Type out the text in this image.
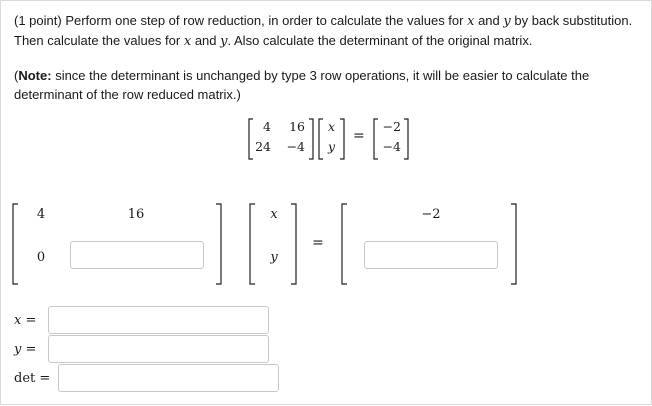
(1 point) Perform one step of row reduction, in order to calculate the values for x and y by back substitution. Then calculate the values for x and y. Also calculate the determinant of the original matrix.
(Note: since the determinant is unchanged by type 3 row operations, it will be easier to calculate the determinant of the row reduced matrix.)
4	16
24	−4
x
y
=
−2
−4
4	16
0
x
y
=
−2
x =
y =
det =
